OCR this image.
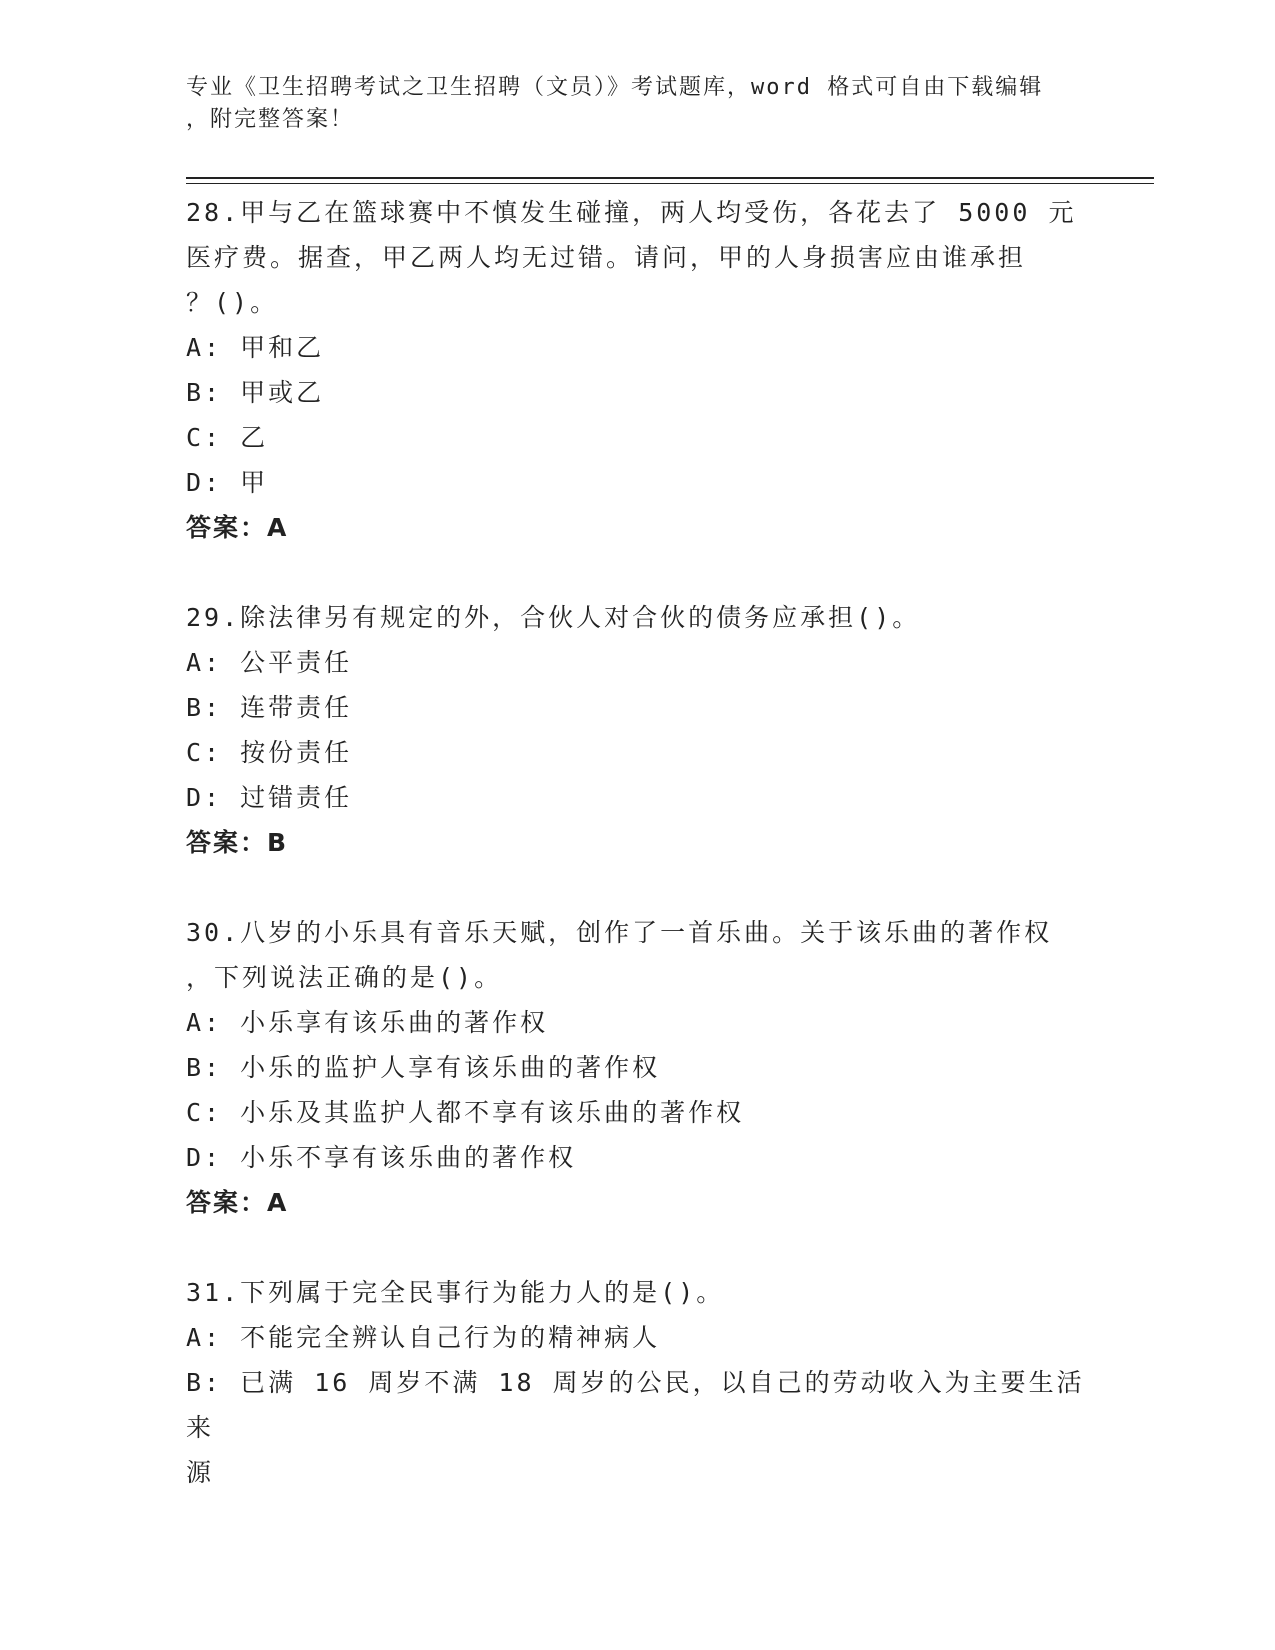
专业《卫生招聘考试之卫生招聘（文员）》考试题库，word 格式可自由下载编辑
，附完整答案！
28.甲与乙在篮球赛中不慎发生碰撞，两人均受伤，各花去了 5000 元
医疗费。据查，甲乙两人均无过错。请问，甲的人身损害应由谁承担
？()。
A: 甲和乙
B: 甲或乙
C: 乙
D: 甲
答案：A
29.除法律另有规定的外，合伙人对合伙的债务应承担()。
A: 公平责任
B: 连带责任
C: 按份责任
D: 过错责任
答案：B
30.八岁的小乐具有音乐天赋，创作了一首乐曲。关于该乐曲的著作权
，下列说法正确的是()。
A: 小乐享有该乐曲的著作权
B: 小乐的监护人享有该乐曲的著作权
C: 小乐及其监护人都不享有该乐曲的著作权
D: 小乐不享有该乐曲的著作权
答案：A
31.下列属于完全民事行为能力人的是()。
A: 不能完全辨认自己行为的精神病人
B: 已满 16 周岁不满 18 周岁的公民，以自己的劳动收入为主要生活来
源
